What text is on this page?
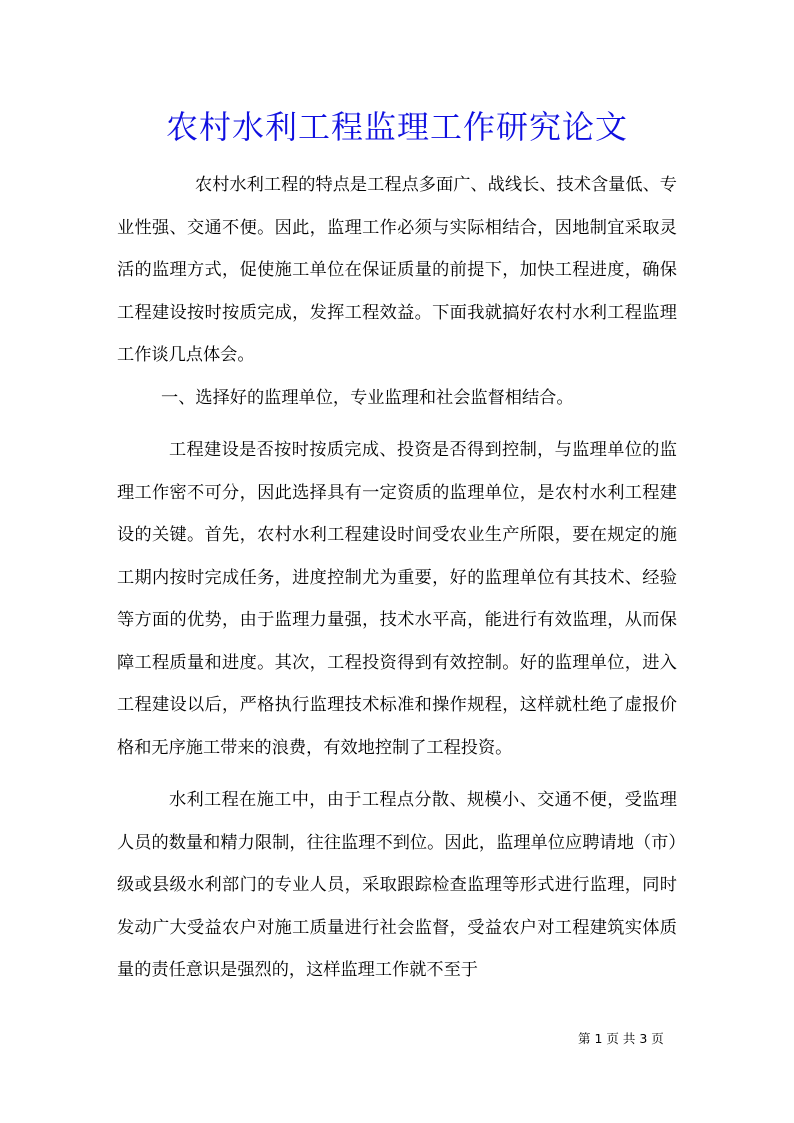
农村水利工程监理工作研究论文

农村水利工程的特点是工程点多面广、战线长、技术含量低、专业性强、交通不便。因此，监理工作必须与实际相结合，因地制宜采取灵活的监理方式，促使施工单位在保证质量的前提下，加快工程进度，确保工程建设按时按质完成，发挥工程效益。下面我就搞好农村水利工程监理工作谈几点体会。

一、选择好的监理单位，专业监理和社会监督相结合。

工程建设是否按时按质完成、投资是否得到控制，与监理单位的监理工作密不可分，因此选择具有一定资质的监理单位，是农村水利工程建设的关键。首先，农村水利工程建设时间受农业生产所限，要在规定的施工期内按时完成任务，进度控制尤为重要，好的监理单位有其技术、经验等方面的优势，由于监理力量强，技术水平高，能进行有效监理，从而保障工程质量和进度。其次，工程投资得到有效控制。好的监理单位，进入工程建设以后，严格执行监理技术标准和操作规程，这样就杜绝了虚报价格和无序施工带来的浪费，有效地控制了工程投资。

水利工程在施工中，由于工程点分散、规模小、交通不便，受监理人员的数量和精力限制，往往监理不到位。因此，监理单位应聘请地（市）级或县级水利部门的专业人员，采取跟踪检查监理等形式进行监理，同时发动广大受益农户对施工质量进行社会监督，受益农户对工程建筑实体质量的责任意识是强烈的，这样监理工作就不至于

第 1 页 共 3 页
